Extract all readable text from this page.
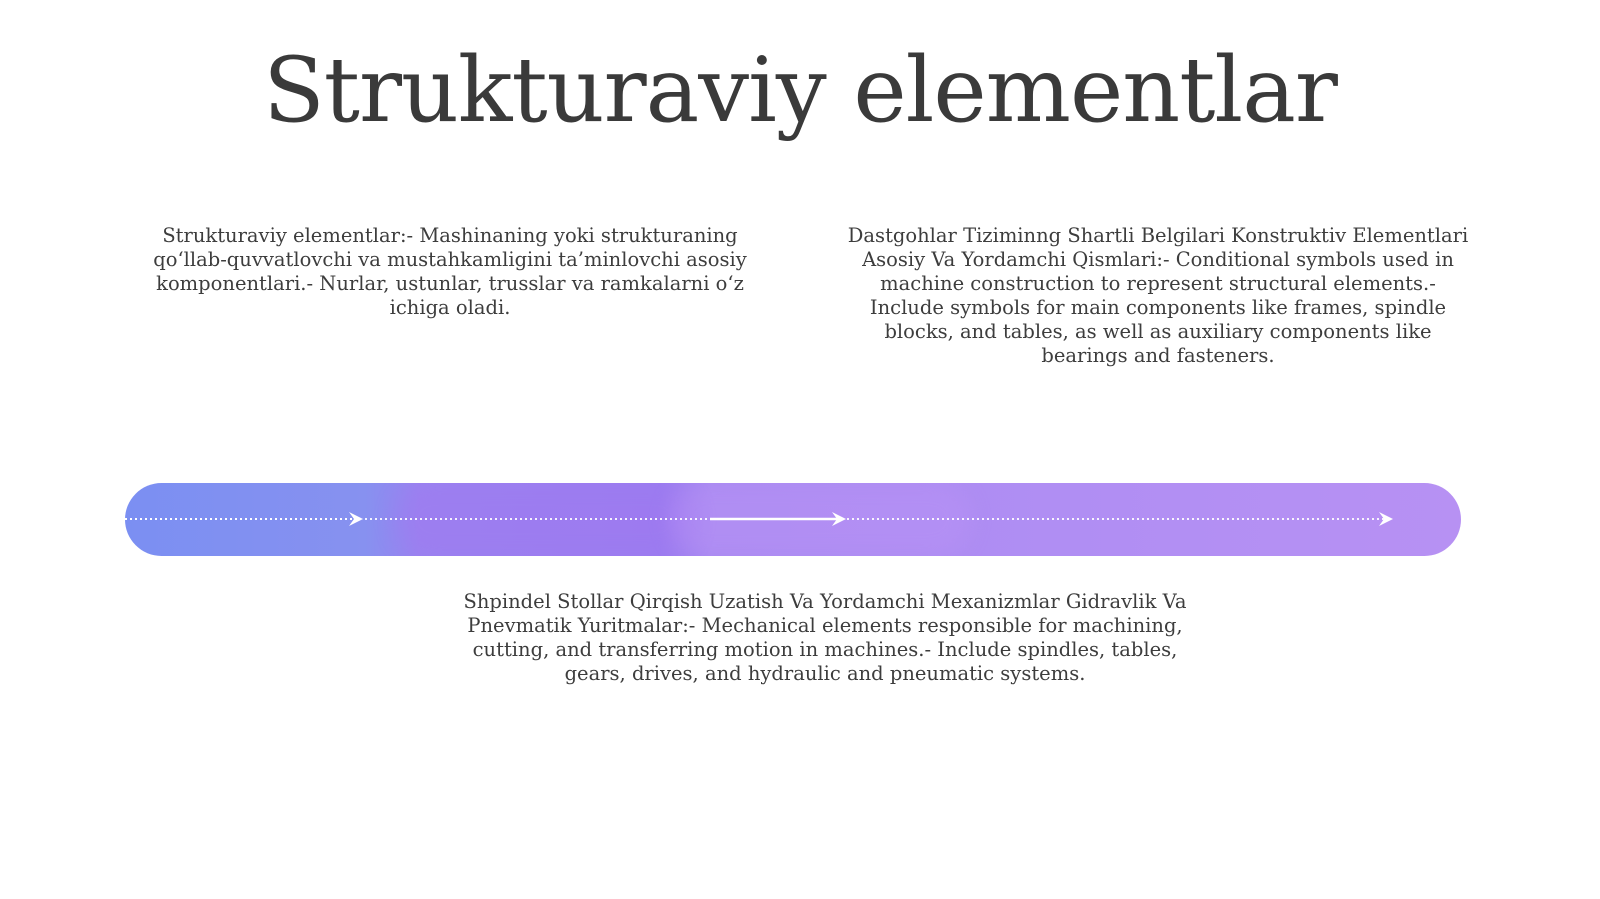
Strukturaviy elementlar
Strukturaviy elementlar:- Mashinaning yoki strukturaning qo‘llab-quvvatlovchi va mustahkamligini ta’minlovchi asosiy komponentlari.- Nurlar, ustunlar, trusslar va ramkalarni o‘z ichiga oladi.
Dastgohlar Tiziminng Shartli Belgilari Konstruktiv Elementlari Asosiy Va Yordamchi Qismlari:- Conditional symbols used in machine construction to represent structural elements.- Include symbols for main components like frames, spindle blocks, and tables, as well as auxiliary components like bearings and fasteners.
Shpindel Stollar Qirqish Uzatish Va Yordamchi Mexanizmlar Gidravlik Va Pnevmatik Yuritmalar:- Mechanical elements responsible for machining, cutting, and transferring motion in machines.- Include spindles, tables, gears, drives, and hydraulic and pneumatic systems.
